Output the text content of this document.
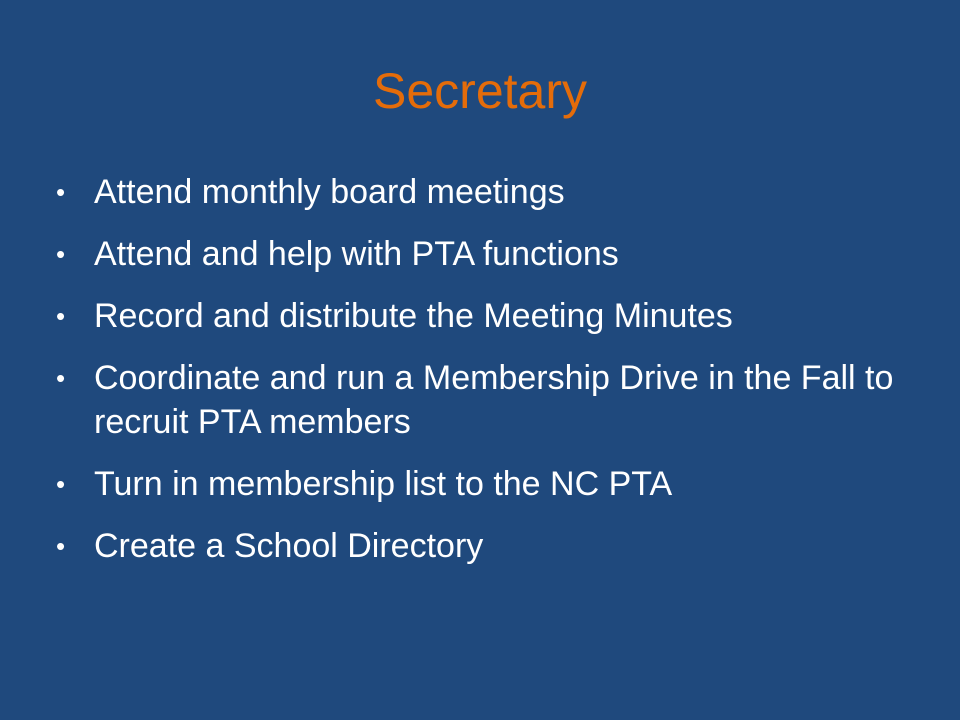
Secretary
• Attend monthly board meetings
• Attend and help with PTA functions
• Record and distribute the Meeting Minutes
• Coordinate and run a Membership Drive in the Fall to recruit PTA members
• Turn in membership list to the NC PTA
• Create a School Directory
